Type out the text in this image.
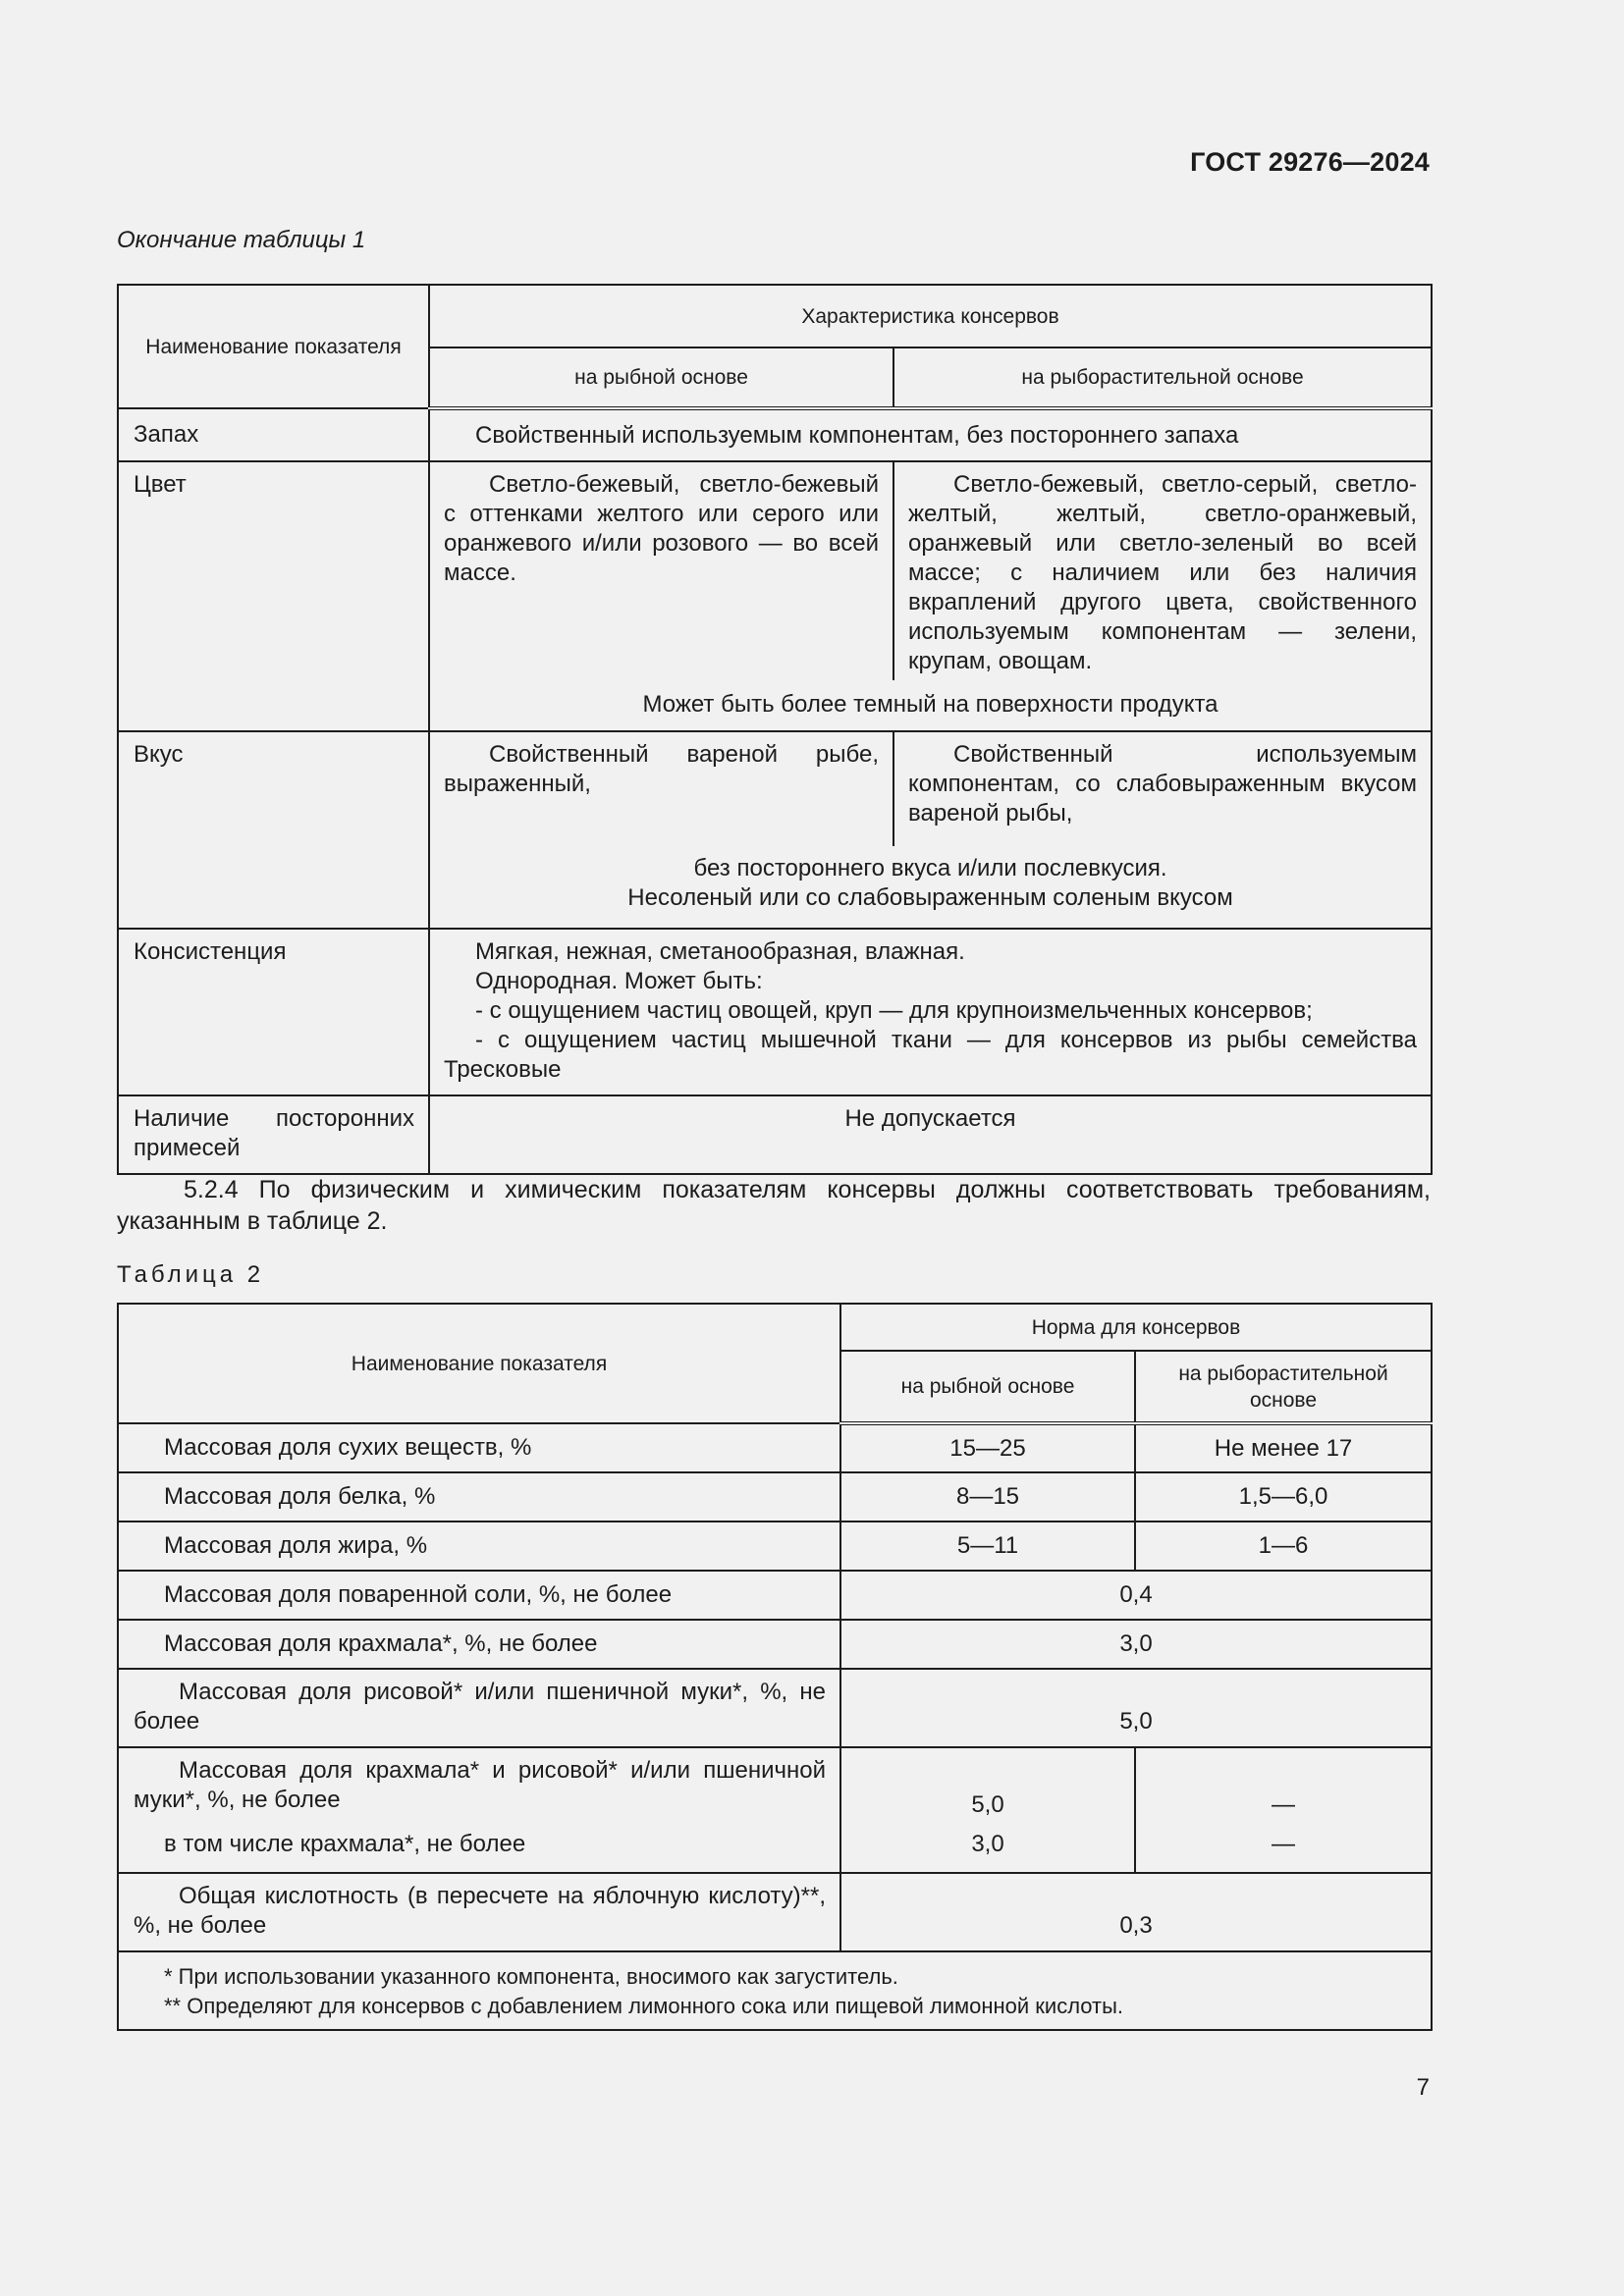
ГОСТ 29276—2024
Окончание таблицы 1
Наименование показателя	Характеристика консервов	
	на рыбной основе	на рыборастительной основе
Запах	Свойственный используемым компонентам, без постороннего запаха	
Цвет	Светло-бежевый, светло-бежевый с оттенками желтого или серого или оранжевого и/или розового — во всей массе.	Светло-бежевый, светло-серый, светло-желтый, желтый, светло-оранжевый, оранжевый или светло-зеленый во всей массе; с наличием или без наличия вкраплений другого цвета, свойственного используемым компонентам — зелени, крупам, овощам.
	Может быть более темный на поверхности продукта	
Вкус	Свойственный вареной рыбе, выраженный,	Свойственный используемым компонентам, со слабовыраженным вкусом вареной рыбы,

	без постороннего вкуса и/или послевкусия.
Несоленый или со слабовыраженным соленым вкусом	

Консистенция	Мягкая, нежная, сметанообразная, влажная.
Однородная. Может быть:
- с ощущением частиц овощей, круп — для крупноизмельченных консервов;
- с ощущением частиц мышечной ткани — для консервов из рыбы семейства Тресковые	

Наличие посторонних примесей	Не допускается	
5.2.4 По физическим и химическим показателям консервы должны соответствовать требованиям, указанным в таблице 2.
Таблица 2
Наименование показателя	Норма для консервов	
	на рыбной основе	на рыборастительной основе
Массовая доля сухих веществ, %	15—25	Не менее 17
Массовая доля белка, %	8—15	1,5—6,0
Массовая доля жира, %	5—11	1—6
Массовая доля поваренной соли, %, не более	0,4	
Массовая доля крахмала*, %, не более	3,0	
Массовая доля рисовой* и/или пшеничной муки*, %, не более	5,0	
Массовая доля крахмала* и рисовой* и/или пшеничной муки*, %, не более	5,0	—
в том числе крахмала*, не более	3,0	—
Общая кислотность (в пересчете на яблочную кислоту)**, %, не более	0,3	

* При использовании указанного компонента, вносимого как загуститель.
** Определяют для консервов с добавлением лимонного сока или пищевой лимонной кислоты.		
7
